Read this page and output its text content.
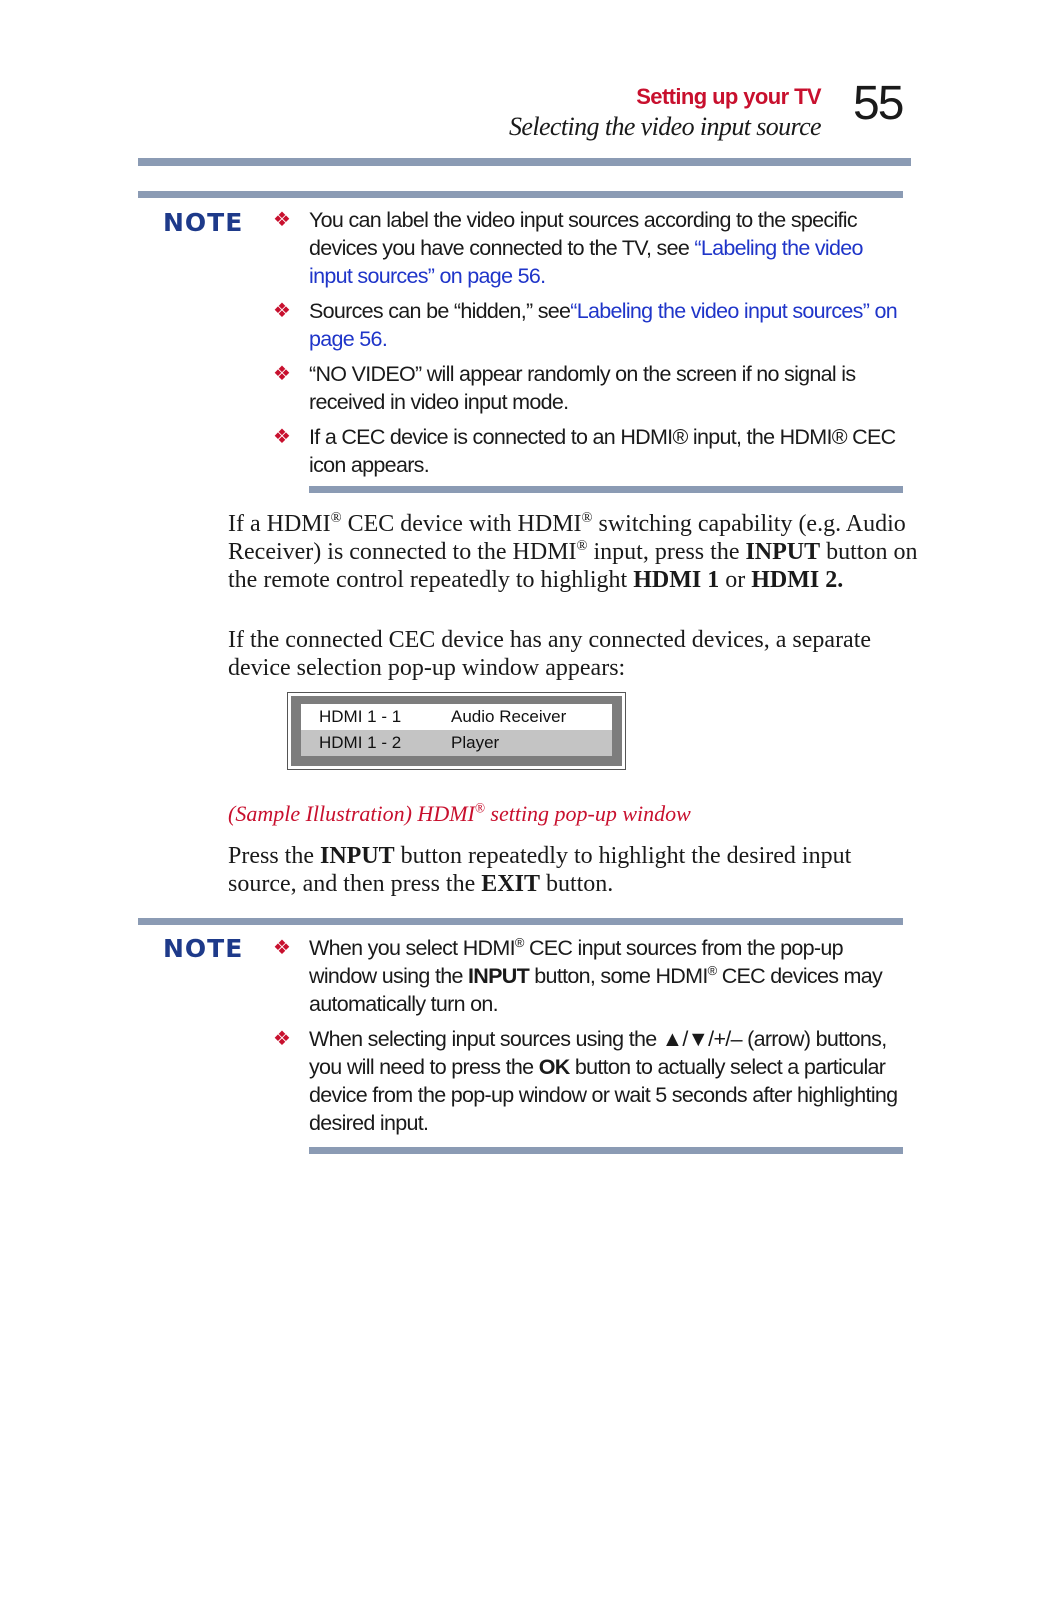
Setting up your TV
Selecting the video input source 55
NOTE ❖ You can label the video input sources according to the specific devices you have connected to the TV, see “Labeling the video input sources” on page 56.
❖ Sources can be “hidden,” see“Labeling the video input sources” on page 56.
❖ “NO VIDEO” will appear randomly on the screen if no signal is received in video input mode.
❖ If a CEC device is connected to an HDMI® input, the HDMI® CEC icon appears.
If a HDMI® CEC device with HDMI® switching capability (e.g. Audio Receiver) is connected to the HDMI® input, press the INPUT button on the remote control repeatedly to highlight HDMI 1 or HDMI 2.
If the connected CEC device has any connected devices, a separate device selection pop-up window appears:
HDMI 1 - 1	Audio Receiver
HDMI 1 - 2	Player
(Sample Illustration) HDMI® setting pop-up window
Press the INPUT button repeatedly to highlight the desired input source, and then press the EXIT button.
NOTE ❖ When you select HDMI® CEC input sources from the pop-up window using the INPUT button, some HDMI® CEC devices may automatically turn on.
❖ When selecting input sources using the ▲/▼/+/– (arrow) buttons, you will need to press the OK button to actually select a particular device from the pop-up window or wait 5 seconds after highlighting desired input.
